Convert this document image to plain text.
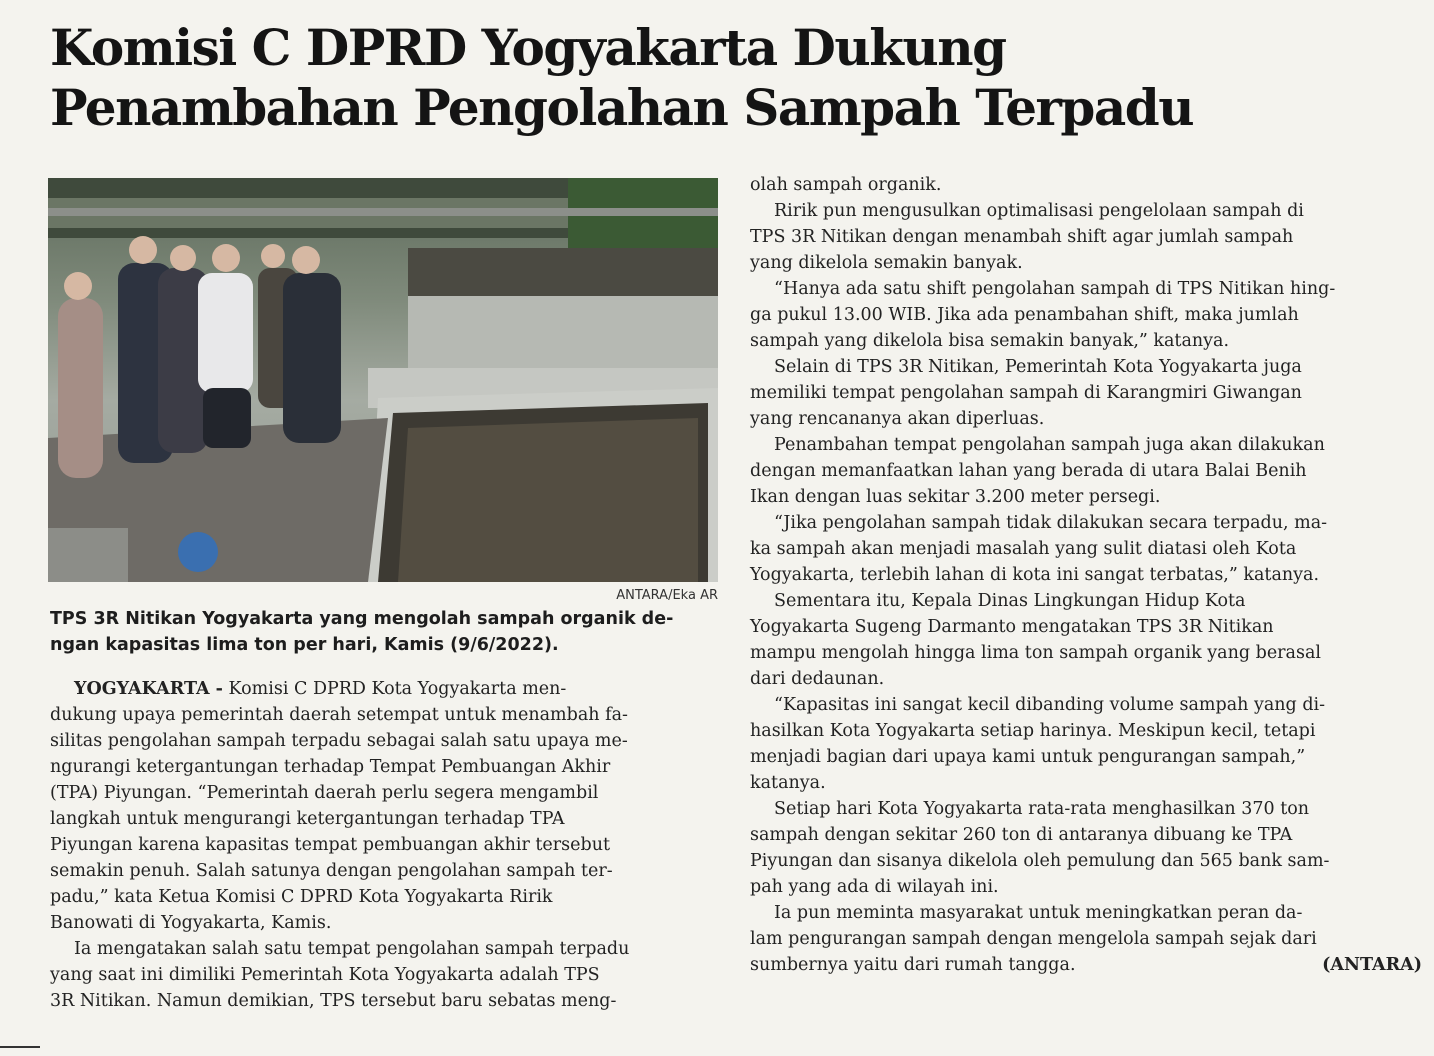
Komisi C DPRD Yogyakarta Dukung
Penambahan Pengolahan Sampah Terpadu
ANTARA/Eka AR
TPS 3R Nitikan Yogyakarta yang mengolah sampah organik de-
ngan kapasitas lima ton per hari, Kamis (9/6/2022).
YOGYAKARTA - Komisi C DPRD Kota Yogyakarta men-
dukung upaya pemerintah daerah setempat untuk menambah fa-
silitas pengolahan sampah terpadu sebagai salah satu upaya me-
ngurangi ketergantungan terhadap Tempat Pembuangan Akhir
(TPA) Piyungan. “Pemerintah daerah perlu segera mengambil
langkah untuk mengurangi ketergantungan terhadap TPA
Piyungan karena kapasitas tempat pembuangan akhir tersebut
semakin penuh. Salah satunya dengan pengolahan sampah ter-
padu,” kata Ketua Komisi C DPRD Kota Yogyakarta Ririk
Banowati di Yogyakarta, Kamis.
Ia mengatakan salah satu tempat pengolahan sampah terpadu
yang saat ini dimiliki Pemerintah Kota Yogyakarta adalah TPS
3R Nitikan. Namun demikian, TPS tersebut baru sebatas meng-
olah sampah organik.
Ririk pun mengusulkan optimalisasi pengelolaan sampah di
TPS 3R Nitikan dengan menambah shift agar jumlah sampah
yang dikelola semakin banyak.
“Hanya ada satu shift pengolahan sampah di TPS Nitikan hing-
ga pukul 13.00 WIB. Jika ada penambahan shift, maka jumlah
sampah yang dikelola bisa semakin banyak,” katanya.
Selain di TPS 3R Nitikan, Pemerintah Kota Yogyakarta juga
memiliki tempat pengolahan sampah di Karangmiri Giwangan
yang rencananya akan diperluas.
Penambahan tempat pengolahan sampah juga akan dilakukan
dengan memanfaatkan lahan yang berada di utara Balai Benih
Ikan dengan luas sekitar 3.200 meter persegi.
“Jika pengolahan sampah tidak dilakukan secara terpadu, ma-
ka sampah akan menjadi masalah yang sulit diatasi oleh Kota
Yogyakarta, terlebih lahan di kota ini sangat terbatas,” katanya.
Sementara itu, Kepala Dinas Lingkungan Hidup Kota
Yogyakarta Sugeng Darmanto mengatakan TPS 3R Nitikan
mampu mengolah hingga lima ton sampah organik yang berasal
dari dedaunan.
“Kapasitas ini sangat kecil dibanding volume sampah yang di-
hasilkan Kota Yogyakarta setiap harinya. Meskipun kecil, tetapi
menjadi bagian dari upaya kami untuk pengurangan sampah,”
katanya.
Setiap hari Kota Yogyakarta rata-rata menghasilkan 370 ton
sampah dengan sekitar 260 ton di antaranya dibuang ke TPA
Piyungan dan sisanya dikelola oleh pemulung dan 565 bank sam-
pah yang ada di wilayah ini.
Ia pun meminta masyarakat untuk meningkatkan peran da-
lam pengurangan sampah dengan mengelola sampah sejak dari
sumbernya yaitu dari rumah tangga.	(ANTARA)
